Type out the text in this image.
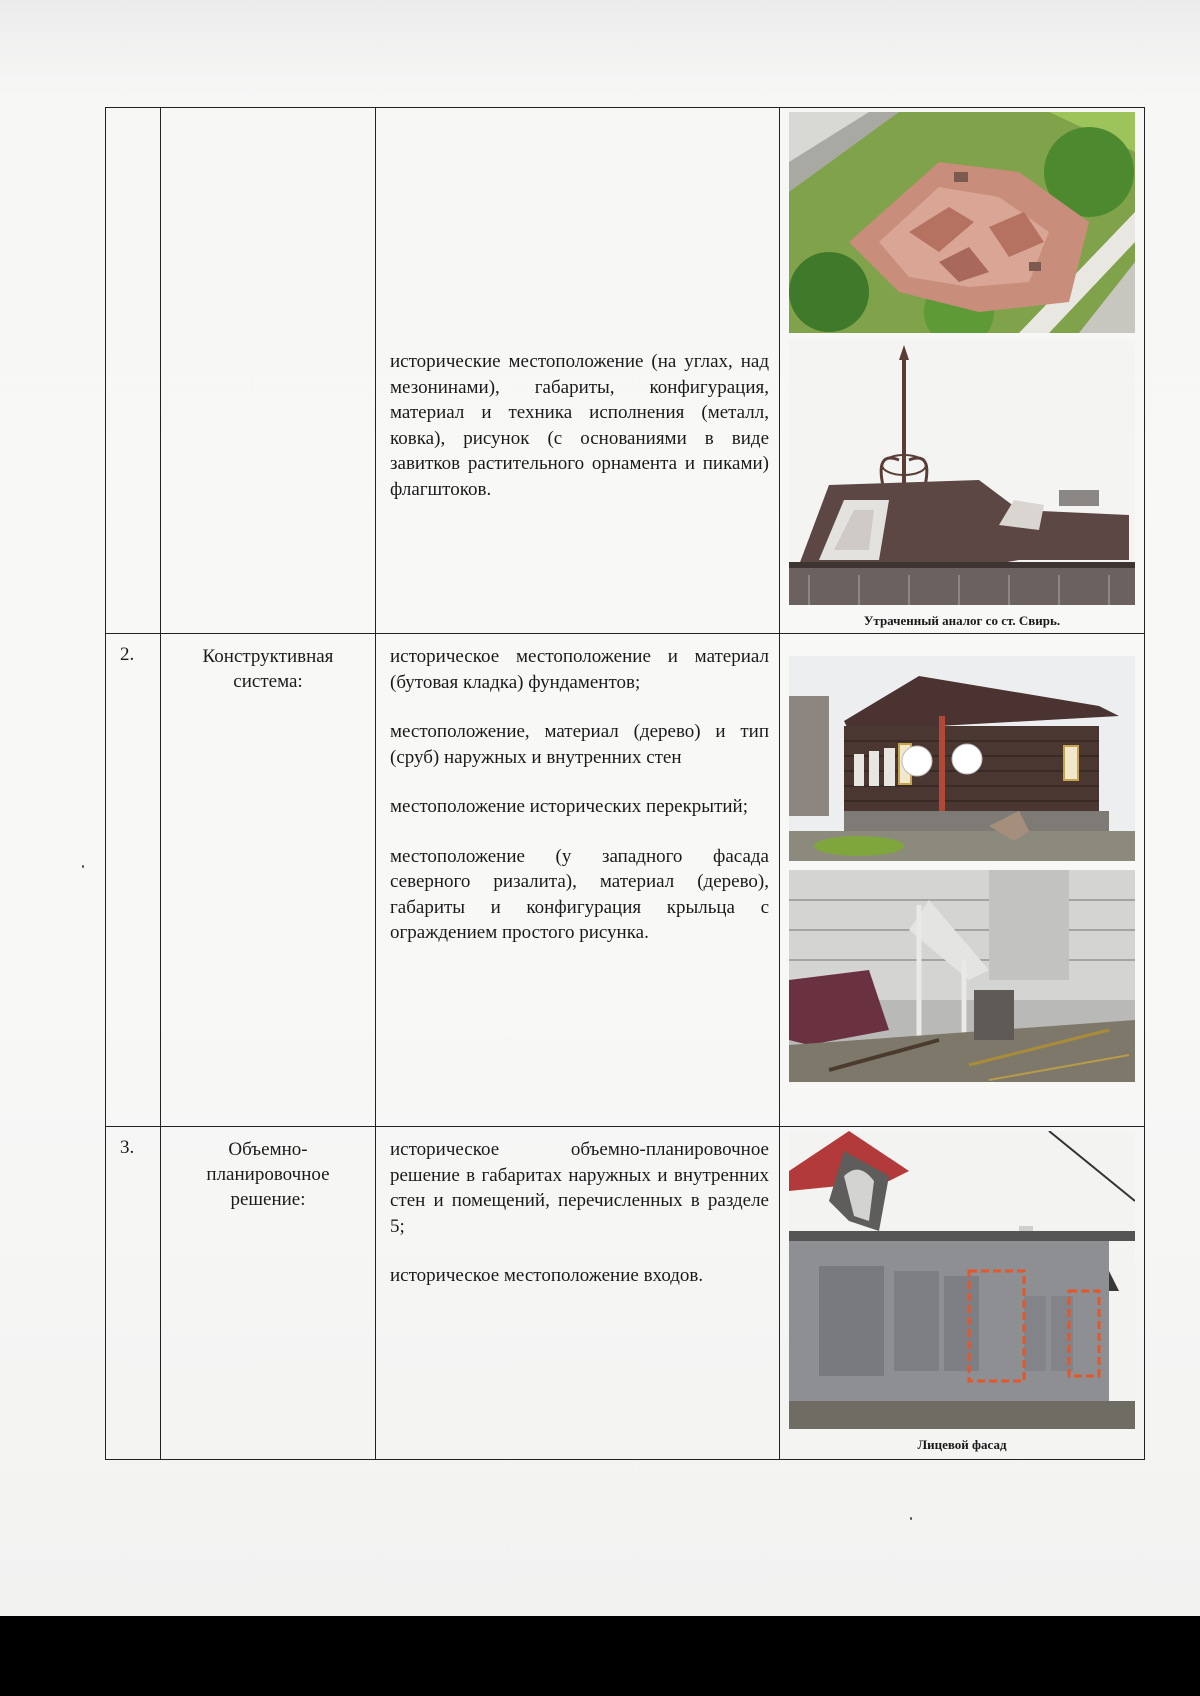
		исторические местоположение (на углах, над мезонинами), габариты, конфигурация, материал и техника исполнения (металл, ковка), рисунок (с основаниями в виде завитков растительного орнамента и пиками) флагштоков.	Утраченный аналог со ст. Свирь.

2.	Конструктивная система:	историческое местоположение и материал (бутовая кладка) фундаментов;

местоположение, материал (дерево) и тип (сруб) наружных и внутренних стен

местоположение исторических перекрытий;

местоположение (у западного фасада северного ризалита), материал (дерево), габариты и конфигурация крыльца с ограждением простого рисунка.

3.	Объемно-планировочное решение:	историческое объемно-планировочное решение в габаритах наружных и внутренних стен и помещений, перечисленных в разделе 5;

историческое местоположение входов.	Лицевой фасад
